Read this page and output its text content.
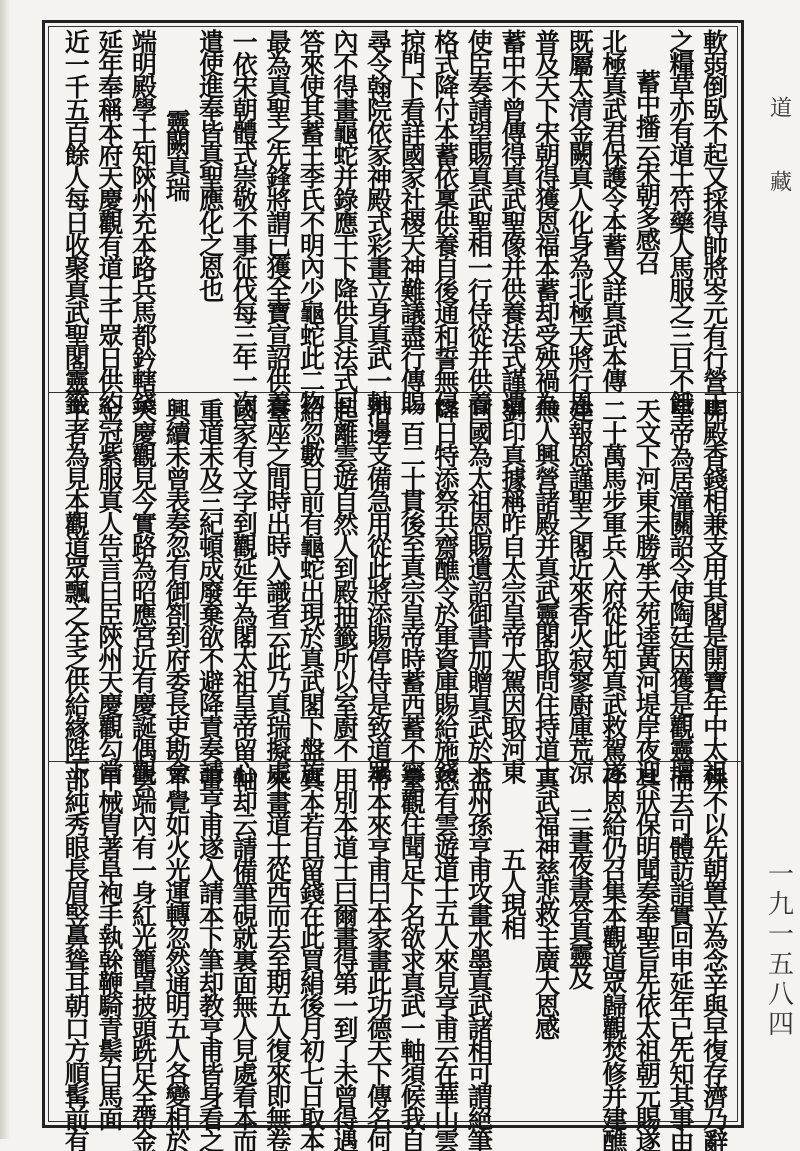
道
藏
一九一五八四
軟弱倒臥不起又採得帥將岑元有行營正
之糧草亦有道士符藥人馬服之三日不餓
蓄中播云宋朝多感召
北極真武君保護令本蓄又詳真武本傳
既屬太清金闕真人化身為北極天將行恩
普及天下宋朝得獲恩福本蓄却受殃禍為
蓄中不曾傳得真武聖像并供養法式謹遣
使臣奏請望賜真武聖相一行侍從并供養
格式降付本蓄依稟供養自後通和誓無侵
掠門下看詳國家社稷天神難議盡行傳賜
尋令翰院依家神殿式彩畫立身真武一軸
內不得畫龜蛇并錄應干下降供具法式回
答來使其蓄王李氏不明內少龜蛇此二物
最為真聖之先鋒將謂已獲全寶宣詔供養
一依宋朝體式崇敬不事征伐每三年一次
遣使進奉皆真聖應化之恩也
靈闕真瑞
端明殿學士知陝州充本路兵馬都鈐轄錢
延年奉稱本府天慶觀有道士千眾日供約
近一千五百餘人每日收聚真武聖閣靈籤
開殿香錢相兼支用其閣是開寶年中太祖
皇帝為居潼關詔令使陶廷因獲是觀靈壇
天文下河東未勝承天苑逵黃河堤岸夜迎
二十萬馬步軍兵入府從此知真武救駕遂
建報恩謹聖之閣近來香火寂寥廚庫荒涼
無人興營諸殿并真武靈閣取問住持道士
劉印真據稱昨自太宗皇帝大駕因取河東
回國為太祖恩賜遺詔御書加贈真武於下
降日特添祭共齋醮令於軍資庫賜給施錢
一百二十貫後至真宗皇帝時蓄西蓄不寧
沿邊支備急用從此將添賜停侍是致道眾
起離雲遊自然人到殿抽籤所以室廚不
給忽數日前有龜蛇出現於真武閣下盤旋
臺座之間時出時入識者云此乃真瑞擬處
國家有文字到觀延年為閣太祖皇帝留心
重道未及三紀頓成廢棄欲不避降責奏請
興續未曾表奏忽有御劄到府委長吏勘會
天慶觀見今實路為昭應宮近有慶誕偶觀
金冠紫服真人告言曰臣陝州天慶觀勾當
主者為見本觀道眾飄之全乏供給緣陛下
殊不以先朝置立為念辛與早復存濟乃辭
而去可體訪詣實回申延年已先知其事由
具狀保明聞奏奉聖旨先依太祖朝元賜遂
件恩給仍召集本觀道眾歸觀焚修并建醮
三晝夜書答真靈及
真武福神慈悲救主廣大恩感
五人現相
益州孫亨甫攻畫水墨真武諸相可謂絕筆
忽有雲遊道士五人來見亨甫云在華山雲
臺觀住聞足下名欲求真武一軸須候我自
帶本來亨甫曰本家畫此功德天下傳名何
用別本道士曰爾畫得第一到了未曾得遇
真本若且留錢在此買絹後月初七日取本
來畫道士從西而去至期五人復來即無卷
軸却云請備筆硯就裏面無人見處看本而
畫亨甫遂入請本下筆却教亨甫皆身看之
不覺如火光運轉忽然通明五人各變相於
雲端內有一身紅光籠罩披頭跣足全帶金
甲械胄著阜袍手執榦鞭騎青鬃白馬面
部純秀眼長眉竪鼻聳耳朝口方順髯前有
